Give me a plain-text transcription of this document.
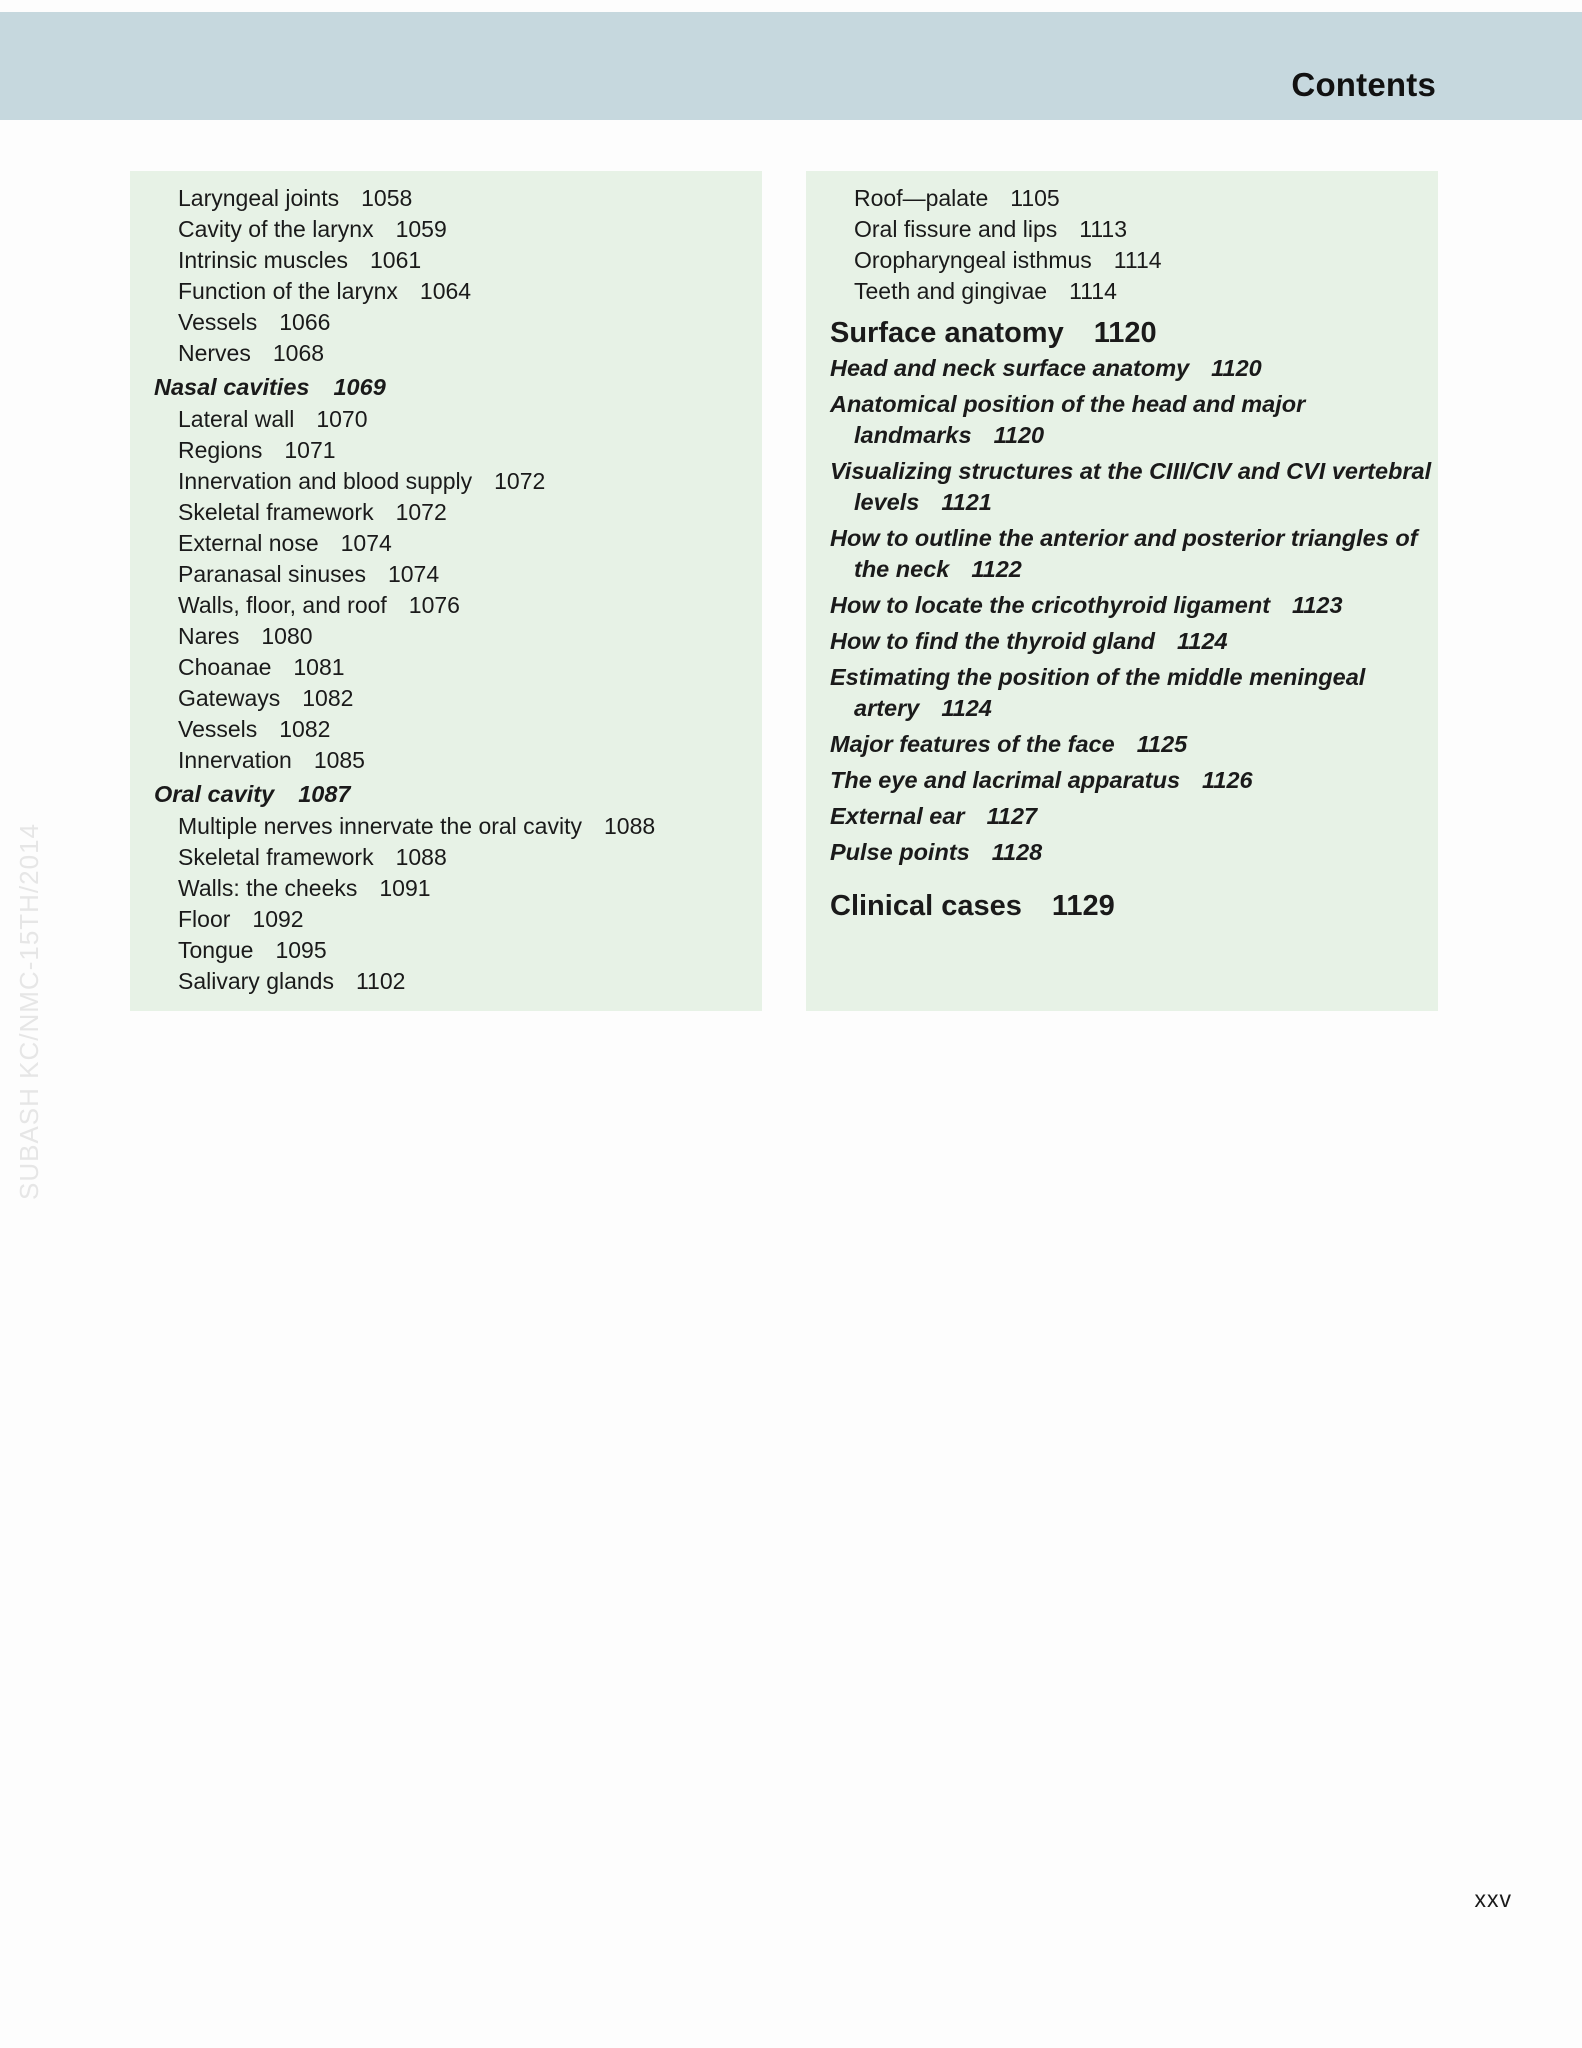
Contents
Laryngeal joints 1058
Cavity of the larynx 1059
Intrinsic muscles 1061
Function of the larynx 1064
Vessels 1066
Nerves 1068
Nasal cavities 1069
Lateral wall 1070
Regions 1071
Innervation and blood supply 1072
Skeletal framework 1072
External nose 1074
Paranasal sinuses 1074
Walls, floor, and roof 1076
Nares 1080
Choanae 1081
Gateways 1082
Vessels 1082
Innervation 1085
Oral cavity 1087
Multiple nerves innervate the oral cavity 1088
Skeletal framework 1088
Walls: the cheeks 1091
Floor 1092
Tongue 1095
Salivary glands 1102
Roof—palate 1105
Oral fissure and lips 1113
Oropharyngeal isthmus 1114
Teeth and gingivae 1114
Surface anatomy 1120
Head and neck surface anatomy 1120
Anatomical position of the head and major landmarks 1120
Visualizing structures at the CIII/CIV and CVI vertebral levels 1121
How to outline the anterior and posterior triangles of the neck 1122
How to locate the cricothyroid ligament 1123
How to find the thyroid gland 1124
Estimating the position of the middle meningeal artery 1124
Major features of the face 1125
The eye and lacrimal apparatus 1126
External ear 1127
Pulse points 1128
Clinical cases 1129
xxv
SUBASH KC/NMC-15TH/2014
